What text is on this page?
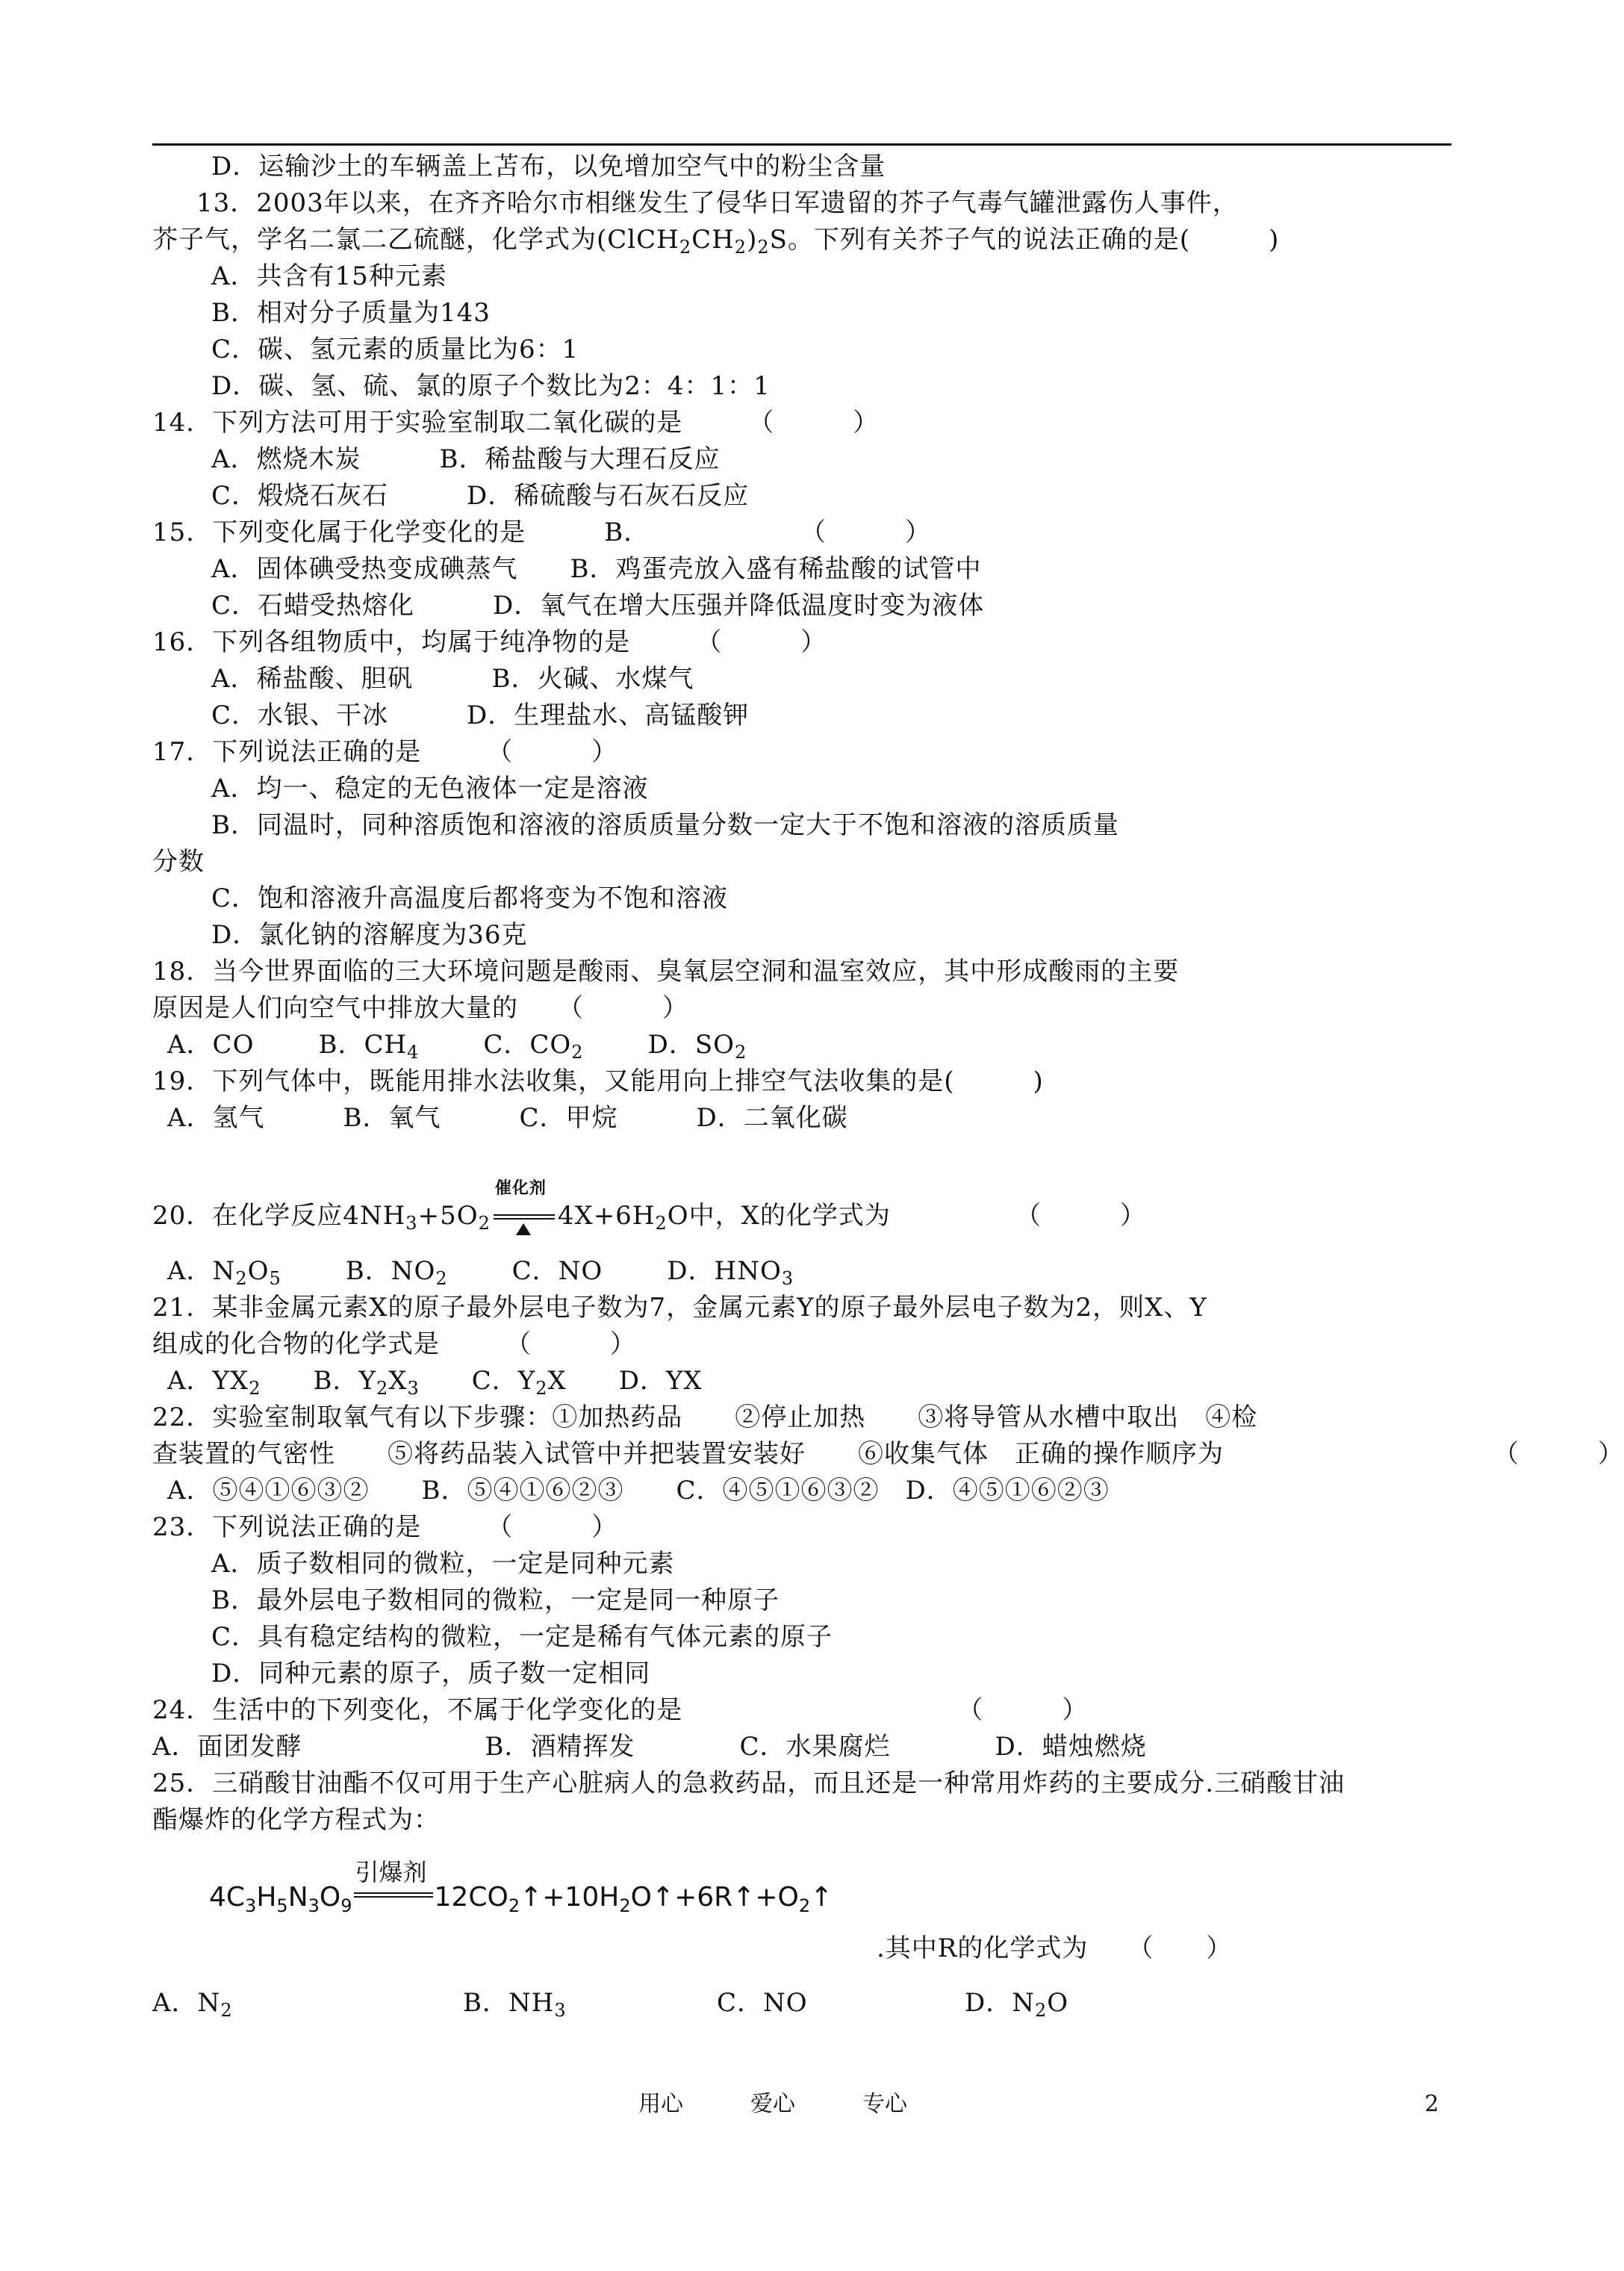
D．运输沙土的车辆盖上苫布，以免增加空气中的粉尘含量
13．2003年以来，在齐齐哈尔市相继发生了侵华日军遗留的芥子气毒气罐泄露伤人事件，
芥子气，学名二氯二乙硫醚，化学式为$(ClCH_2CH_2)_2S$。下列有关芥子气的说法正确的是(　　　)
A．共含有15种元素
B．相对分子质量为143
C．碳、氢元素的质量比为6：1
D．碳、氢、硫、氯的原子个数比为2：4：1：1
14．下列方法可用于实验室制取二氧化碳的是　　　（　　　）
A．燃烧木炭　　　B．稀盐酸与大理石反应
C．煅烧石灰石　　　D．稀硫酸与石灰石反应
15．下列变化属于化学变化的是　　　B．	（　　　）
A．固体碘受热变成碘蒸气　　B．鸡蛋壳放入盛有稀盐酸的试管中
C．石蜡受热熔化　　　D．氧气在增大压强并降低温度时变为液体
16．下列各组物质中，均属于纯净物的是　　　（　　　）
A．稀盐酸、胆矾　　　B．火碱、水煤气
C．水银、干冰　　　D．生理盐水、高锰酸钾
17．下列说法正确的是　　　（　　　）
A．均一、稳定的无色液体一定是溶液
B．同温时，同种溶质饱和溶液的溶质质量分数一定大于不饱和溶液的溶质质量
分数
C．饱和溶液升高温度后都将变为不饱和溶液
D．氯化钠的溶解度为36克
18．当今世界面临的三大环境问题是酸雨、臭氧层空洞和温室效应，其中形成酸雨的主要
原因是人们向空气中排放大量的　　（　　　）
A．CO	B．$CH_4$	C．$CO_2$	D．$SO_2$
19．下列气体中，既能用排水法收集，又能用向上排空气法收集的是(　　　)
A．氢气　　　B．氧气　　　C．甲烷　　　D．二氧化碳
20．在化学反应$4NH_3+5O_2$
催化剂
$4X+6H_2O$中，X的化学式为	（　　　）
A．$N_2O_5$	B．$NO_2$	C．NO	D．$HNO_3$
21．某非金属元素X的原子最外层电子数为7，金属元素Y的原子最外层电子数为2，则X、Y
组成的化合物的化学式是　　　（　　　）
A．$YX_2$ B．$Y_2X_3$ C．$Y_2X$ D．YX
22．实验室制取氧气有以下步骤：①加热药品　　②停止加热　　③将导管从水槽中取出　④检
查装置的气密性　　⑤将药品装入试管中并把装置安装好　　⑥收集气体　正确的操作顺序为	（　　　）
A．⑤④①⑥③②　　B．⑤④①⑥②③　　C．④⑤①⑥③②　D．④⑤①⑥②③
23．下列说法正确的是　　　（　　　）
A．质子数相同的微粒，一定是同种元素
B．最外层电子数相同的微粒，一定是同一种原子
C．具有稳定结构的微粒，一定是稀有气体元素的原子
D．同种元素的原子，质子数一定相同
24．生活中的下列变化，不属于化学变化的是　　　　　　　　　　　（　　　）
A．面团发酵　　　　　　　B．酒精挥发　　　　C．水果腐烂　　　　D．蜡烛燃烧
25．三硝酸甘油酯不仅可用于生产心脏病人的急救药品，而且还是一种常用炸药的主要成分.三硝酸甘油
酯爆炸的化学方程式为：
$4C_3H_5N_3O_9$
引爆剂
$12CO_2↑+10H_2O↑+6R↑+O_2↑$
.其中R的化学式为　　（　　）
A．$N_2$	B．$NH_3$	C．NO	D．$N_2O$
用心　　　爱心　　　专心	2
